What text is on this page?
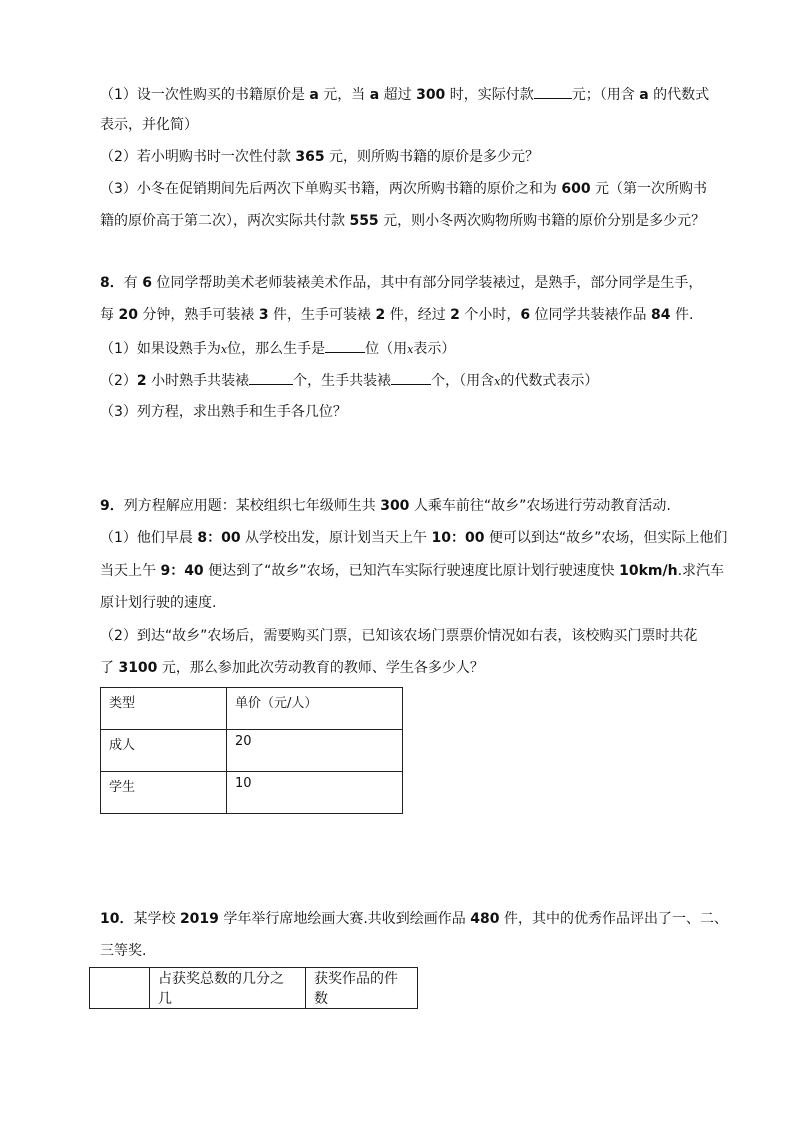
（1）设一次性购买的书籍原价是 a 元，当 a 超过 300 时，实际付款	元；（用含 a 的代数式
表示，并化简）
（2）若小明购书时一次性付款 365 元，则所购书籍的原价是多少元？
（3）小冬在促销期间先后两次下单购买书籍，两次所购书籍的原价之和为 600 元（第一次所购书
籍的原价高于第二次），两次实际共付款 555 元，则小冬两次购物所购书籍的原价分别是多少元？
8．有 6 位同学帮助美术老师装裱美术作品，其中有部分同学装裱过，是熟手，部分同学是生手，
每 20 分钟，熟手可装裱 3 件，生手可装裱 2 件，经过 2 个小时，6 位同学共装裱作品 84 件.
（1）如果设熟手为x位，那么生手是	位（用x表示）
（2）2 小时熟手共装裱	个，生手共装裱	个，（用含x的代数式表示）
（3）列方程，求出熟手和生手各几位？
9．列方程解应用题：某校组织七年级师生共 300 人乘车前往“故乡”农场进行劳动教育活动.
（1）他们早晨 8：00 从学校出发，原计划当天上午 10：00 便可以到达“故乡”农场，但实际上他们
当天上午 9：40 便达到了“故乡”农场，已知汽车实际行驶速度比原计划行驶速度快 10km/h.求汽车
原计划行驶的速度.
（2）到达“故乡”农场后，需要购买门票，已知该农场门票票价情况如右表，该校购买门票时共花
了 3100 元，那么参加此次劳动教育的教师、学生各多少人？
类型	单价（元/人）
成人	20
学生	10
10．某学校 2019 学年举行席地绘画大赛.共收到绘画作品 480 件，其中的优秀作品评出了一、二、
三等奖.
	占获奖总数的几分之几	获奖作品的件数
